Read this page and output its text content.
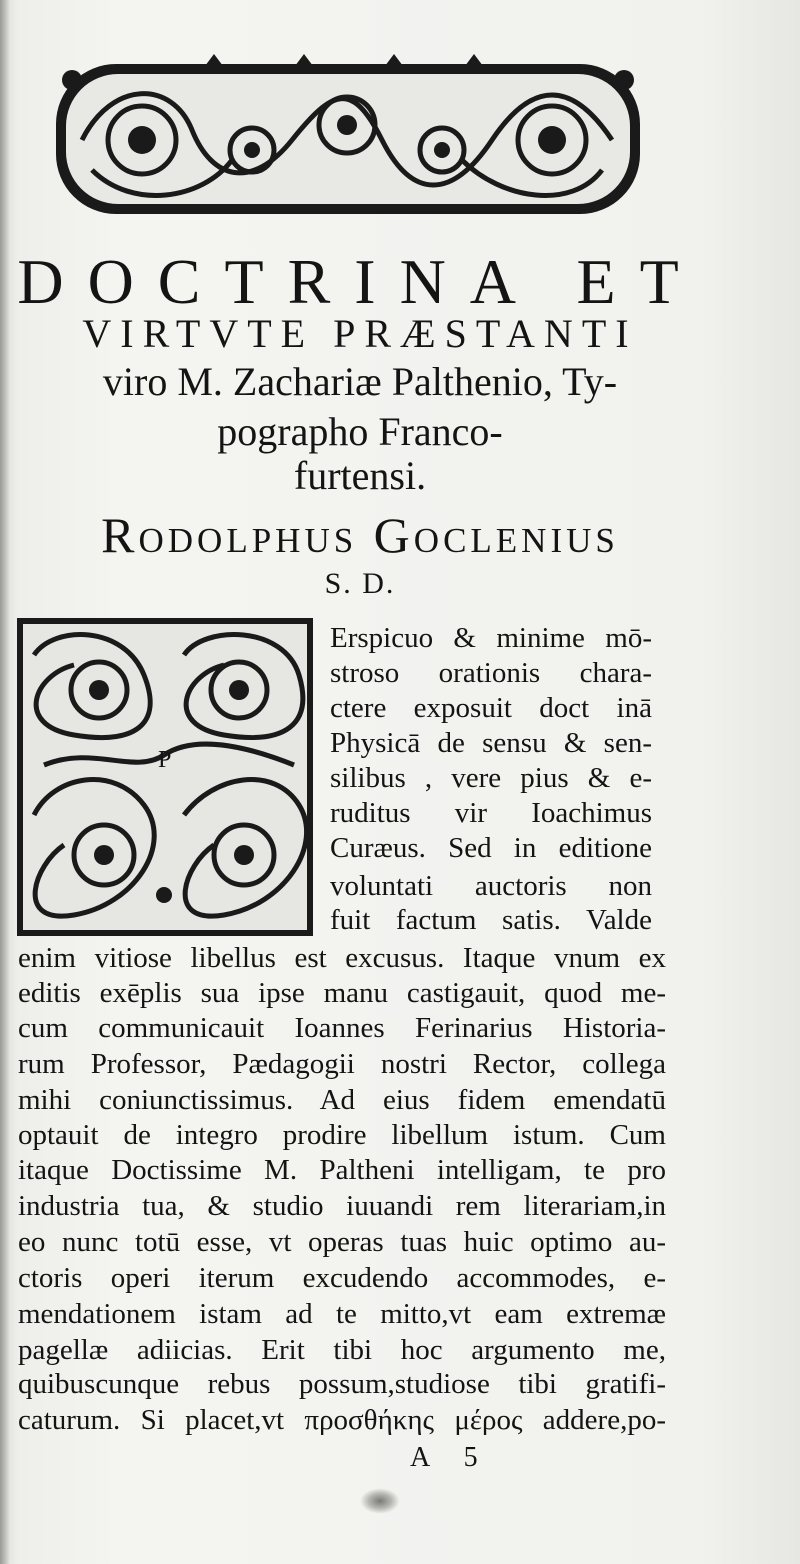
DOCTRINA ET
VIRTVTE PRÆSTANTI
viro M. Zachariæ Palthenio, Ty-
pographo Franco-
furtensi.
Rodolphus Goclenius
S. D.
P
Erspicuo & minime mō-
stroso orationis chara-
ctere exposuit doct inā
Physicā de sensu & sen-
silibus , vere pius & e-
ruditus vir Ioachimus
Curæus. Sed in editione
voluntati auctoris non
fuit factum satis. Valde
enim vitiose libellus est excusus. Itaque vnum ex
editis exēplis sua ipse manu castigauit, quod me-
cum communicauit Ioannes Ferinarius Historia-
rum Professor, Pædagogii nostri Rector, collega
mihi coniunctissimus. Ad eius fidem emendatū
optauit de integro prodire libellum istum. Cum
itaque Doctissime M. Paltheni intelligam, te pro
industria tua, & studio iuuandi rem literariam,in
eo nunc totū esse, vt operas tuas huic optimo au-
ctoris operi iterum excudendo accommodes, e-
mendationem istam ad te mitto,vt eam extremæ
pagellæ adiicias. Erit tibi hoc argumento me,
quibuscunque rebus possum,studiose tibi gratifi-
caturum. Si placet,vt προσθήκης μέρος addere,po-
A 5
